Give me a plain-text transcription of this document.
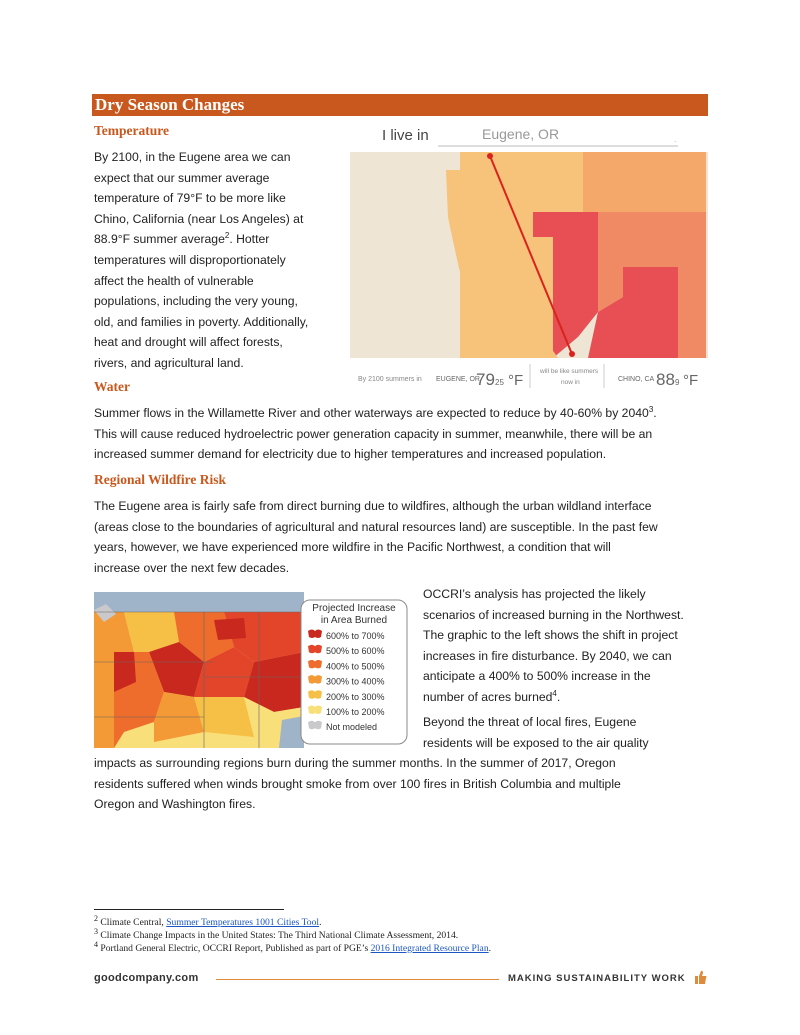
Dry Season Changes
Temperature
By 2100, in the Eugene area we can
expect that our summer average
temperature of 79°F to be more like
Chino, California (near Los Angeles) at
88.9°F summer average$^2$. Hotter
temperatures will disproportionately
affect the health of vulnerable
populations, including the very young,
old, and families in poverty. Additionally,
heat and drought will affect forests,
rivers, and agricultural land.
I live in	Eugene, OR	.
By 2100 summers in EUGENE, OR
79 25 °F
will be like summers
now in	CHINO, CA 88 9 °F
Water
Summer flows in the Willamette River and other waterways are expected to reduce by 40-60% by 2040$^3$.
This will cause reduced hydroelectric power generation capacity in summer, meanwhile, there will be an
increased summer demand for electricity due to higher temperatures and increased population.
Regional Wildfire Risk
The Eugene area is fairly safe from direct burning due to wildfires, although the urban wildland interface
(areas close to the boundaries of agricultural and natural resources land) are susceptible. In the past few
years, however, we have experienced more wildfire in the Pacific Northwest, a condition that will
increase over the next few decades.
Projected Increase
in Area Burned
600% to 700%
500% to 600%
400% to 500%
300% to 400%
200% to 300%
100% to 200%
Not modeled
OCCRI’s analysis has projected the likely
scenarios of increased burning in the Northwest.
The graphic to the left shows the shift in project
increases in fire disturbance. By 2040, we can
anticipate a 400% to 500% increase in the
number of acres burned$^4$.
Beyond the threat of local fires, Eugene
residents will be exposed to the air quality
impacts as surrounding regions burn during the summer months. In the summer of 2017, Oregon
residents suffered when winds brought smoke from over 100 fires in British Columbia and multiple
Oregon and Washington fires.
$^2$ Climate Central, Summer Temperatures 1001 Cities Tool.
$^3$ Climate Change Impacts in the United States: The Third National Climate Assessment, 2014.
$^4$ Portland General Electric, OCCRI Report, Published as part of PGE’s 2016 Integrated Resource Plan.
goodcompany.com	MAKING SUSTAINABILITY WORK
